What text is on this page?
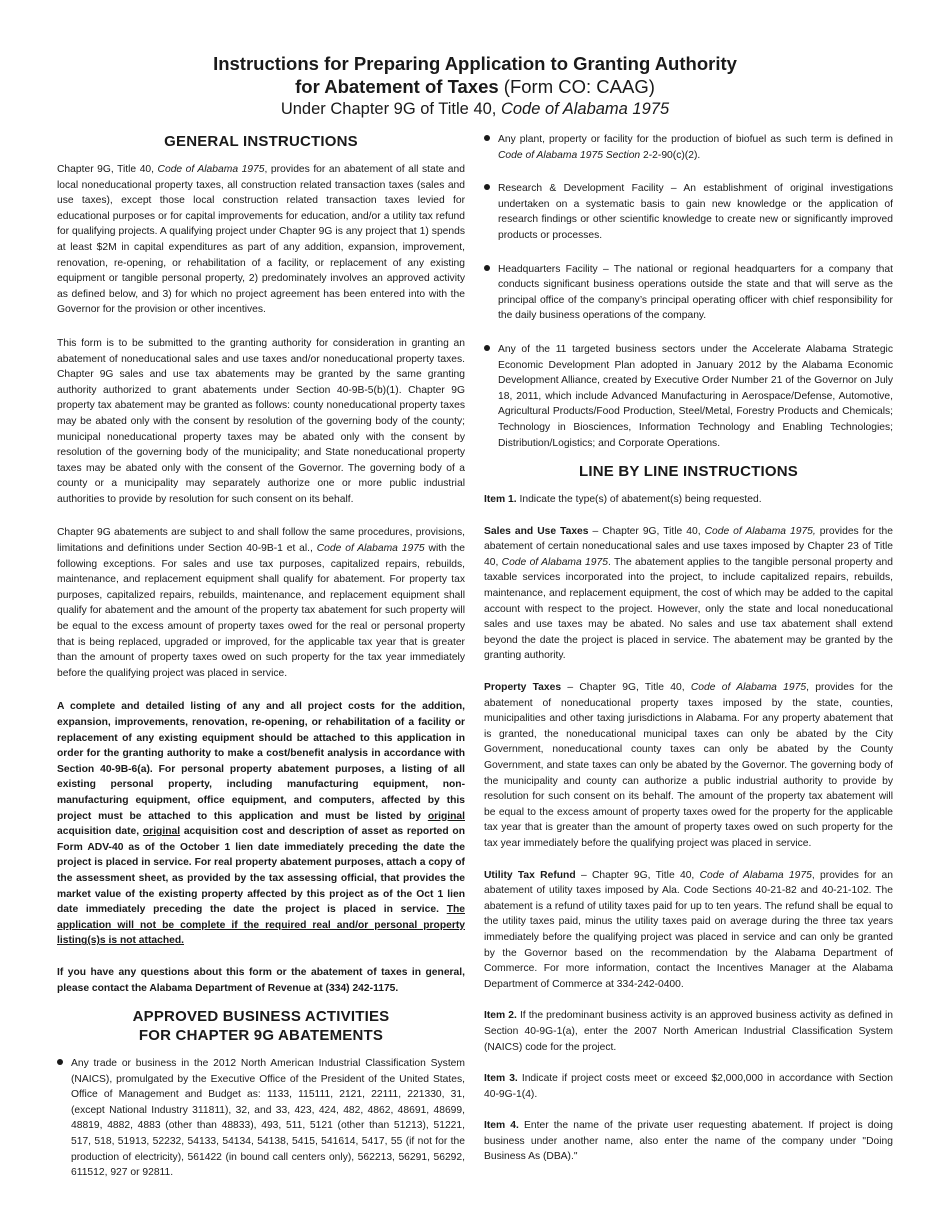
Instructions for Preparing Application to Granting Authority
for Abatement of Taxes (Form CO: CAAG)
Under Chapter 9G of Title 40, Code of Alabama 1975
GENERAL INSTRUCTIONS

Chapter 9G, Title 40, Code of Alabama 1975, provides for an abatement of all state and local noneducational property taxes, all construction related transaction taxes (sales and use taxes), except those local construction related transaction taxes levied for educational purposes or for capital improvements for education, and/or a utility tax refund for qualifying projects. A qualifying project under Chapter 9G is any project that 1) spends at least $2M in capital expenditures as part of any addition, expansion, improvement, renovation, re-opening, or rehabilitation of a facility, or replacement of any existing equipment or tangible personal property, 2) predominately involves an approved activity as defined below, and 3) for which no project agreement has been entered into with the Governor for the provision or other incentives.

This form is to be submitted to the granting authority for consideration in granting an abatement of noneducational sales and use taxes and/or noneducational property taxes. Chapter 9G sales and use tax abatements may be granted by the same granting authority authorized to grant abatements under Section 40-9B-5(b)(1). Chapter 9G property tax abatement may be granted as follows: county noneducational property taxes may be abated only with the consent by resolution of the governing body of the county; municipal noneducational property taxes may be abated only with the consent by resolution of the governing body of the municipality; and State noneducational property taxes may be abated only with the consent of the Governor. The governing body of a county or a municipality may separately authorize one or more public industrial authorities to provide by resolution for such consent on its behalf.

Chapter 9G abatements are subject to and shall follow the same procedures, provisions, limitations and definitions under Section 40-9B-1 et al., Code of Alabama 1975 with the following exceptions. For sales and use tax purposes, capitalized repairs, rebuilds, maintenance, and replacement equipment shall qualify for abatement. For property tax purposes, capitalized repairs, rebuilds, maintenance, and replacement equipment shall qualify for abatement and the amount of the property tax abatement for such property will be equal to the excess amount of property taxes owed for the real or personal property that is being replaced, upgraded or improved, for the applicable tax year that is greater than the amount of property taxes owed on such property for the tax year immediately before the qualifying project was placed in service.

A complete and detailed listing of any and all project costs for the addition, expansion, improvements, renovation, re-opening, or rehabilitation of a facility or replacement of any existing equipment should be attached to this application in order for the granting authority to make a cost/benefit analysis in accordance with Section 40-9B-6(a). For personal property abatement purposes, a listing of all existing personal property, including manufacturing equipment, non-manufacturing equipment, office equipment, and computers, affected by this project must be attached to this application and must be listed by original acquisition date, original acquisition cost and description of asset as reported on Form ADV-40 as of the October 1 lien date immediately preceding the date the project is placed in service. For real property abatement purposes, attach a copy of the assessment sheet, as provided by the tax assessing official, that provides the market value of the existing property affected by this project as of the Oct 1 lien date immediately preceding the date the project is placed in service. The application will not be complete if the required real and/or personal property listing(s)s is not attached.

If you have any questions about this form or the abatement of taxes in general, please contact the Alabama Department of Revenue at (334) 242-1175.

APPROVED BUSINESS ACTIVITIES
FOR CHAPTER 9G ABATEMENTS

Any trade or business in the 2012 North American Industrial Classification System (NAICS), promulgated by the Executive Office of the President of the United States, Office of Management and Budget as: 1133, 115111, 2121, 22111, 221330, 31, (except National Industry 311811), 32, and 33, 423, 424, 482, 4862, 48691, 48699, 48819, 4882, 4883 (other than 48833), 493, 511, 5121 (other than 51213), 51221, 517, 518, 51913, 52232, 54133, 54134, 54138, 5415, 541614, 5417, 55 (if not for the production of electricity), 561422 (in bound call centers only), 562213, 56291, 56292, 611512, 927 or 92811.

Any plant, property or facility for the production of biofuel as such term is defined in Code of Alabama 1975 Section 2-2-90(c)(2).

Research & Development Facility – An establishment of original investigations undertaken on a systematic basis to gain new knowledge or the application of research findings or other scientific knowledge to create new or significantly improved products or processes.

Headquarters Facility – The national or regional headquarters for a company that conducts significant business operations outside the state and that will serve as the principal office of the company’s principal operating officer with chief responsibility for the daily business operations of the company.

Any of the 11 targeted business sectors under the Accelerate Alabama Strategic Economic Development Plan adopted in January 2012 by the Alabama Economic Development Alliance, created by Executive Order Number 21 of the Governor on July 18, 2011, which include Advanced Manufacturing in Aerospace/Defense, Automotive, Agricultural Products/Food Production, Steel/Metal, Forestry Products and Chemicals; Technology in Biosciences, Information Technology and Enabling Technologies; Distribution/Logistics; and Corporate Operations.

LINE BY LINE INSTRUCTIONS

Item 1. Indicate the type(s) of abatement(s) being requested.

Sales and Use Taxes – Chapter 9G, Title 40, Code of Alabama 1975, provides for the abatement of certain noneducational sales and use taxes imposed by Chapter 23 of Title 40, Code of Alabama 1975. The abatement applies to the tangible personal property and taxable services incorporated into the project, to include capitalized repairs, rebuilds, maintenance, and replacement equipment, the cost of which may be added to the capital account with respect to the project. However, only the state and local noneducational sales and use taxes may be abated. No sales and use tax abatement shall extend beyond the date the project is placed in service. The abatement may be granted by the granting authority.

Property Taxes – Chapter 9G, Title 40, Code of Alabama 1975, provides for the abatement of noneducational property taxes imposed by the state, counties, municipalities and other taxing jurisdictions in Alabama. For any property abatement that is granted, the noneducational municipal taxes can only be abated by the City Government, noneducational county taxes can only be abated by the County Government, and state taxes can only be abated by the Governor. The governing body of the municipality and county can authorize a public industrial authority to provide by resolution for such consent on its behalf. The amount of the property tax abatement will be equal to the excess amount of property taxes owed for the property for the applicable tax year that is greater than the amount of property taxes owed on such property for the tax year immediately before the qualifying project was placed in service.

Utility Tax Refund – Chapter 9G, Title 40, Code of Alabama 1975, provides for an abatement of utility taxes imposed by Ala. Code Sections 40-21-82 and 40-21-102. The abatement is a refund of utility taxes paid for up to ten years. The refund shall be equal to the utility taxes paid, minus the utility taxes paid on average during the three tax years immediately before the qualifying project was placed in service and can only be granted by the Governor based on the recommendation by the Alabama Department of Commerce. For more information, contact the Incentives Manager at the Alabama Department of Commerce at 334-242-0400.

Item 2. If the predominant business activity is an approved business activity as defined in Section 40-9G-1(a), enter the 2007 North American Industrial Classification System (NAICS) code for the project.

Item 3. Indicate if project costs meet or exceed $2,000,000 in accordance with Section 40-9G-1(4).

Item 4. Enter the name of the private user requesting abatement. If project is doing business under another name, also enter the name of the company under "Doing Business As (DBA)."
